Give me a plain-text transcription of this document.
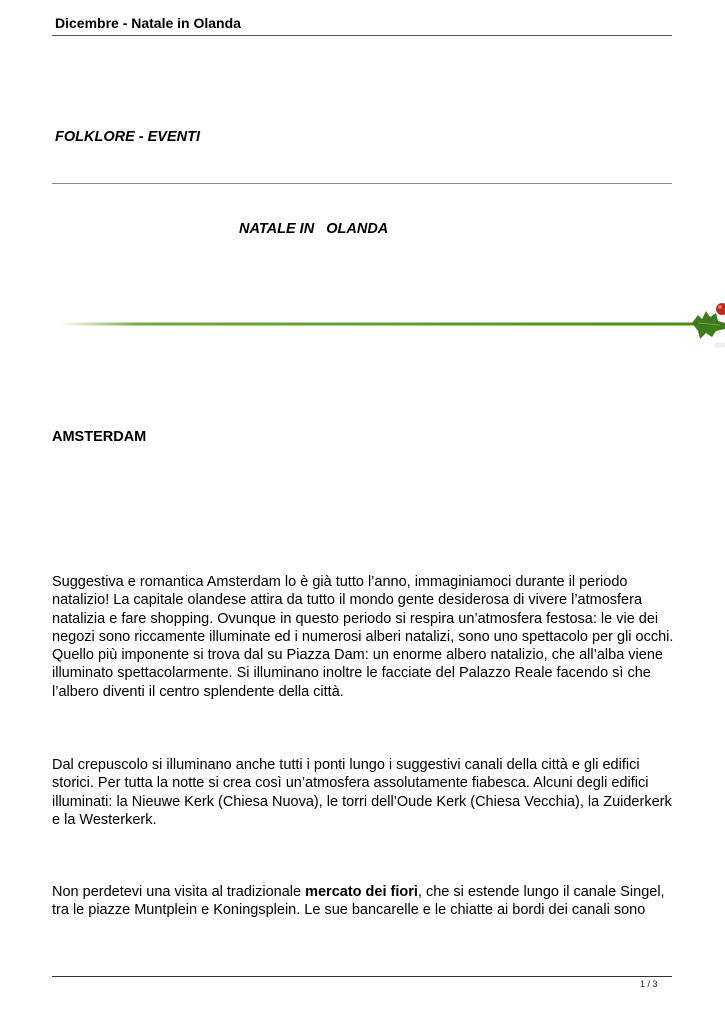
Dicembre - Natale in Olanda
FOLKLORE - EVENTI
NATALE IN   OLANDA
AMSTERDAM

Suggestiva e romantica Amsterdam lo è già tutto l’anno, immaginiamoci durante il periodo natalizio! La capitale olandese attira da tutto il mondo gente desiderosa di vivere l’atmosfera natalizia e fare shopping. Ovunque in questo periodo si respira un’atmosfera festosa: le vie dei negozi sono riccamente illuminate ed i numerosi alberi natalizi, sono uno spettacolo per gli occhi. Quello più imponente si trova dal su Piazza Dam: un enorme albero natalizio, che all’alba viene illuminato spettacolarmente. Si illuminano inoltre le facciate del Palazzo Reale facendo sì che l’albero diventi il centro splendente della città.

Dal crepuscolo si illuminano anche tutti i ponti lungo i suggestivi canali della città e gli edifici storici. Per tutta la notte si crea così un’atmosfera assolutamente fiabesca. Alcuni degli edifici illuminati: la Nieuwe Kerk (Chiesa Nuova), le torri dell’Oude Kerk (Chiesa Vecchia), la Zuiderkerk e la Westerkerk.

Non perdetevi una visita al tradizionale mercato dei fiori, che si estende lungo il canale Singel, tra le piazze Muntplein e Koningsplein. Le sue bancarelle e le chiatte ai bordi dei canali sono

1 / 3
